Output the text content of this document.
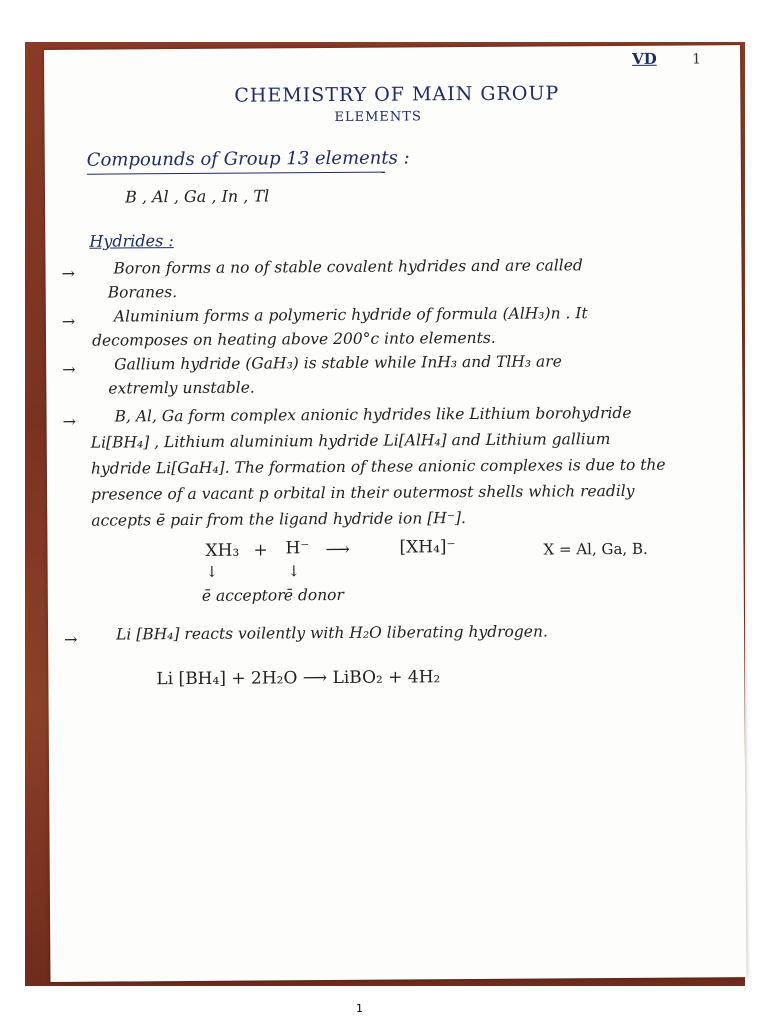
VD	1
CHEMISTRY OF MAIN GROUP
ELEMENTS
Compounds of Group 13 elements :
B , Al , Ga , In , Tl
Hydrides :
→ Boron forms a no of stable covalent hydrides and are called
Boranes.
→ Aluminium forms a polymeric hydride of formula (AlH₃)n . It
decomposes on heating above 200°c into elements.
→ Gallium hydride (GaH₃) is stable while InH₃ and TlH₃ are
extremly unstable.
→ B, Al, Ga form complex anionic hydrides like Lithium borohydride
Li[BH₄] , Lithium aluminium hydride Li[AlH₄] and Lithium gallium
hydride Li[GaH₄]. The formation of these anionic complexes is due to the
presence of a vacant p orbital in their outermost shells which readily
accepts ē pair from the ligand hydride ion [H⁻].
XH₃ + H⁻ ⟶	[XH₄]⁻	X = Al, Ga, B.
↓	↓
ē acceptor ē donor
→ Li [BH₄] reacts voilently with H₂O liberating hydrogen.
Li [BH₄] + 2H₂O ⟶ LiBO₂ + 4H₂
1
